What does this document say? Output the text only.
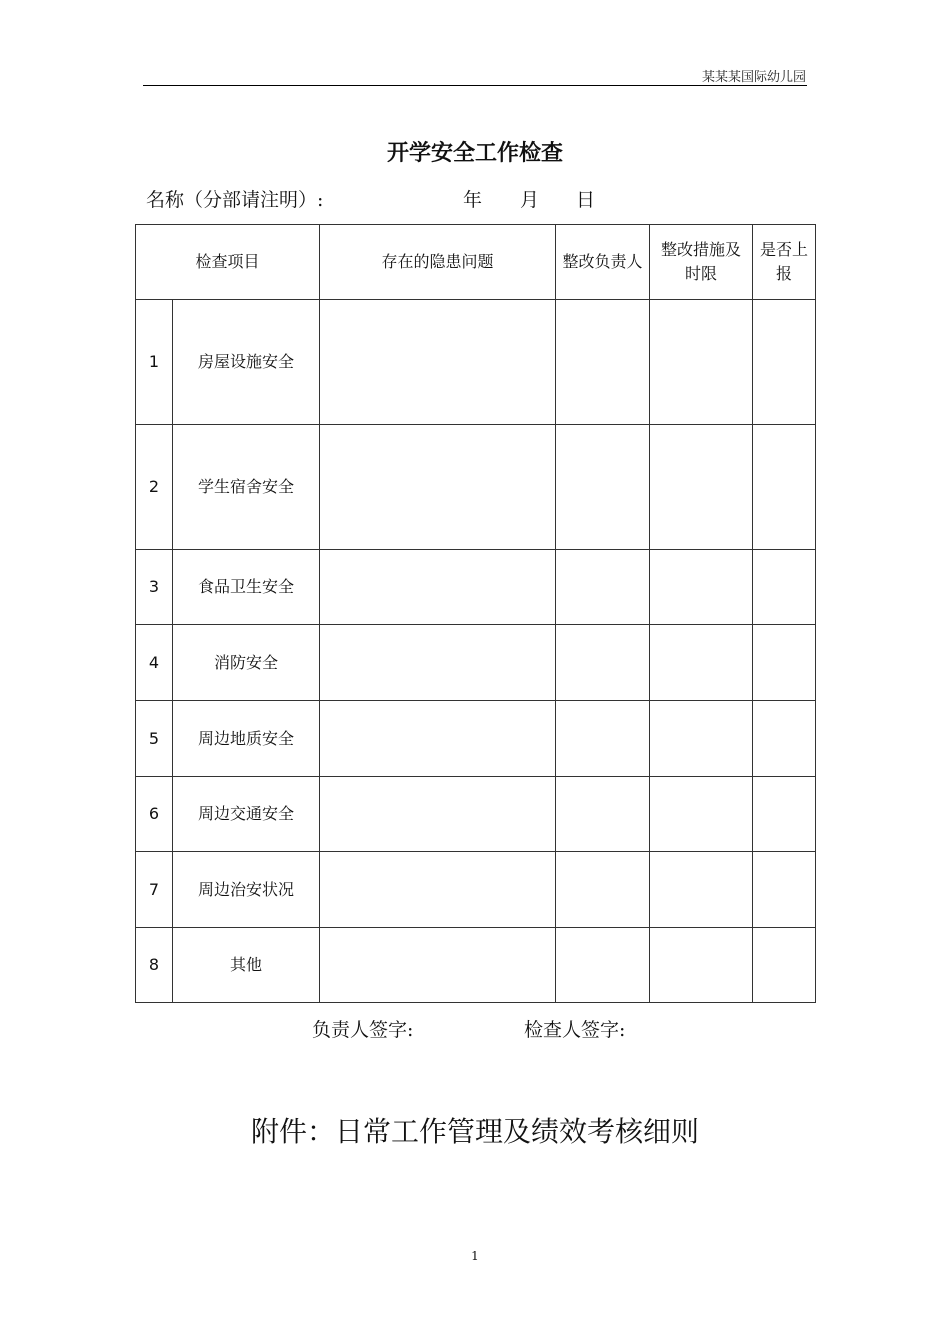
某某某国际幼儿园
开学安全工作检查
名称（分部请注明）:	年 月 日
检查项目		存在的隐患问题	整改负责人	整改措施及时限	是否上报
1	房屋设施安全				
2	学生宿舍安全				
3	食品卫生安全				
4	消防安全				
5	周边地质安全				
6	周边交通安全				
7	周边治安状况				
8	其他				
负责人签字:	检查人签字:
附件：日常工作管理及绩效考核细则
1
